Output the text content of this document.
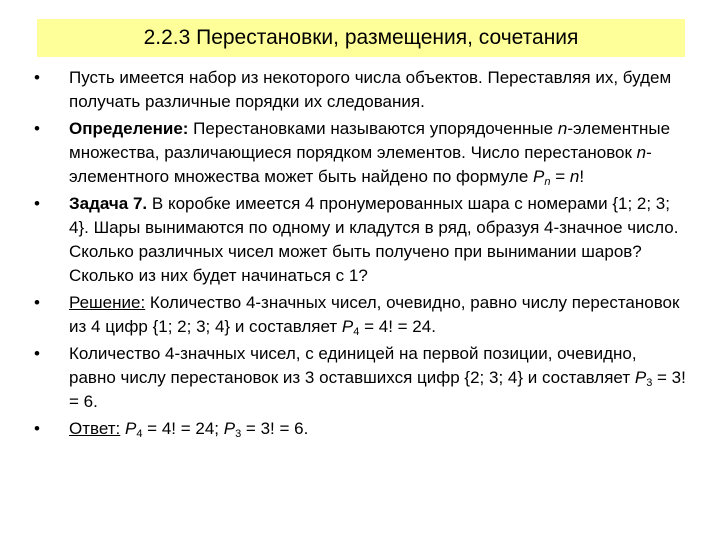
2.2.3 Перестановки, размещения, сочетания
•	Пусть имеется набор из некоторого числа объектов. Переставляя их, будем получать различные порядки их следования.
•	Определение: Перестановками называются упорядоченные n-элементные множества, различающиеся порядком элементов. Число перестановок n-элементного множества может быть найдено по формуле $P_n = n$!
•	Задача 7. В коробке имеется 4 пронумерованных шара с номерами {1; 2; 3; 4}. Шары вынимаются по одному и кладутся в ряд, образуя 4-значное число. Сколько различных чисел может быть получено при вынимании шаров? Сколько из них будет начинаться с 1?
•	Решение: Количество 4-значных чисел, очевидно, равно числу перестановок из 4 цифр {1; 2; 3; 4} и составляет $P_4 = 4$! = 24.
•	Количество 4-значных чисел, с единицей на первой позиции, очевидно, равно числу перестановок из 3 оставшихся цифр {2; 3; 4} и составляет $P_3 = 3$! = 6.
•	Ответ: $P_4 = 4$! = 24; $P_3 = 3$! = 6.
